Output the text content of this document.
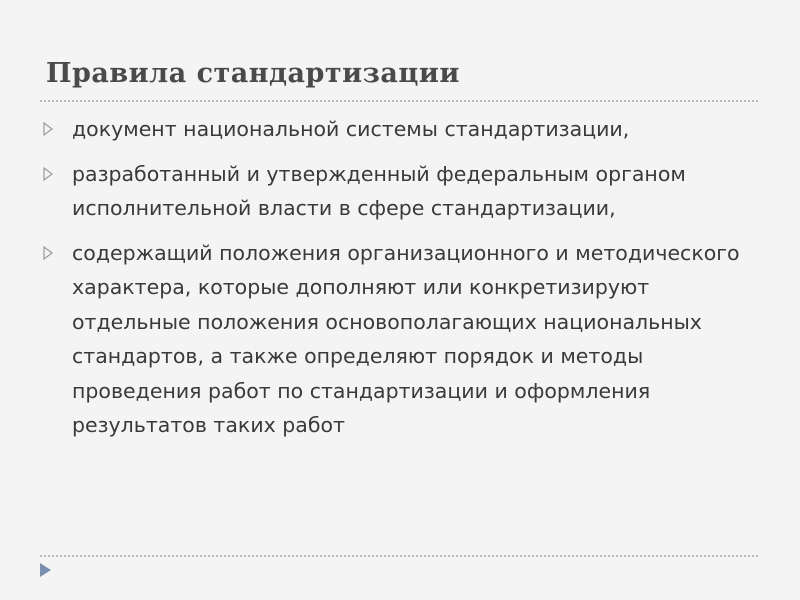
Правила стандартизации
документ национальной системы стандартизации,
разработанный и утвержденный федеральным органом исполнительной власти в сфере стандартизации,
содержащий положения организационного и методического характера, которые дополняют или конкретизируют отдельные положения основополагающих национальных стандартов, а также определяют порядок и методы проведения работ по стандартизации и оформления результатов таких работ
